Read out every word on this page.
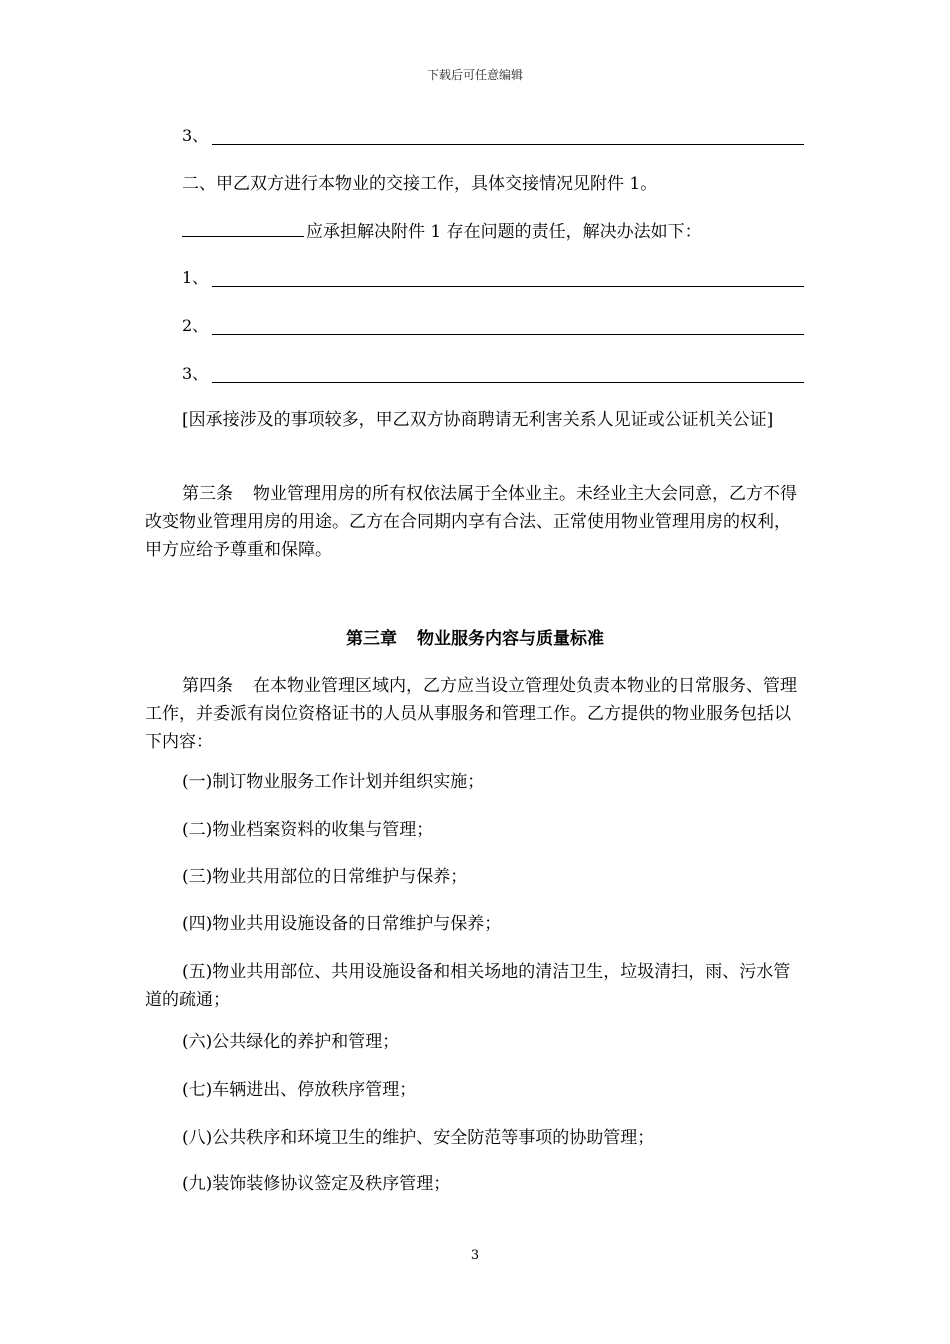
下载后可任意编辑
3、

二、甲乙双方进行本物业的交接工作，具体交接情况见附件 1。

应承担解决附件 1 存在问题的责任，解决办法如下：

1、
2、
3、

[因承接涉及的事项较多，甲乙双方协商聘请无利害关系人见证或公证机关公证]

第三条 物业管理用房的所有权依法属于全体业主。未经业主大会同意，乙方不得改变物业管理用房的用途。乙方在合同期内享有合法、正常使用物业管理用房的权利，甲方应给予尊重和保障。

第三章 物业服务内容与质量标准

第四条 在本物业管理区域内，乙方应当设立管理处负责本物业的日常服务、管理工作，并委派有岗位资格证书的人员从事服务和管理工作。乙方提供的物业服务包括以下内容：

(一)制订物业服务工作计划并组织实施；

(二)物业档案资料的收集与管理；

(三)物业共用部位的日常维护与保养；

(四)物业共用设施设备的日常维护与保养；

(五)物业共用部位、共用设施设备和相关场地的清洁卫生，垃圾清扫，雨、污水管道的疏通；

(六)公共绿化的养护和管理；

(七)车辆进出、停放秩序管理；

(八)公共秩序和环境卫生的维护、安全防范等事项的协助管理；

(九)装饰装修协议签定及秩序管理；

3
